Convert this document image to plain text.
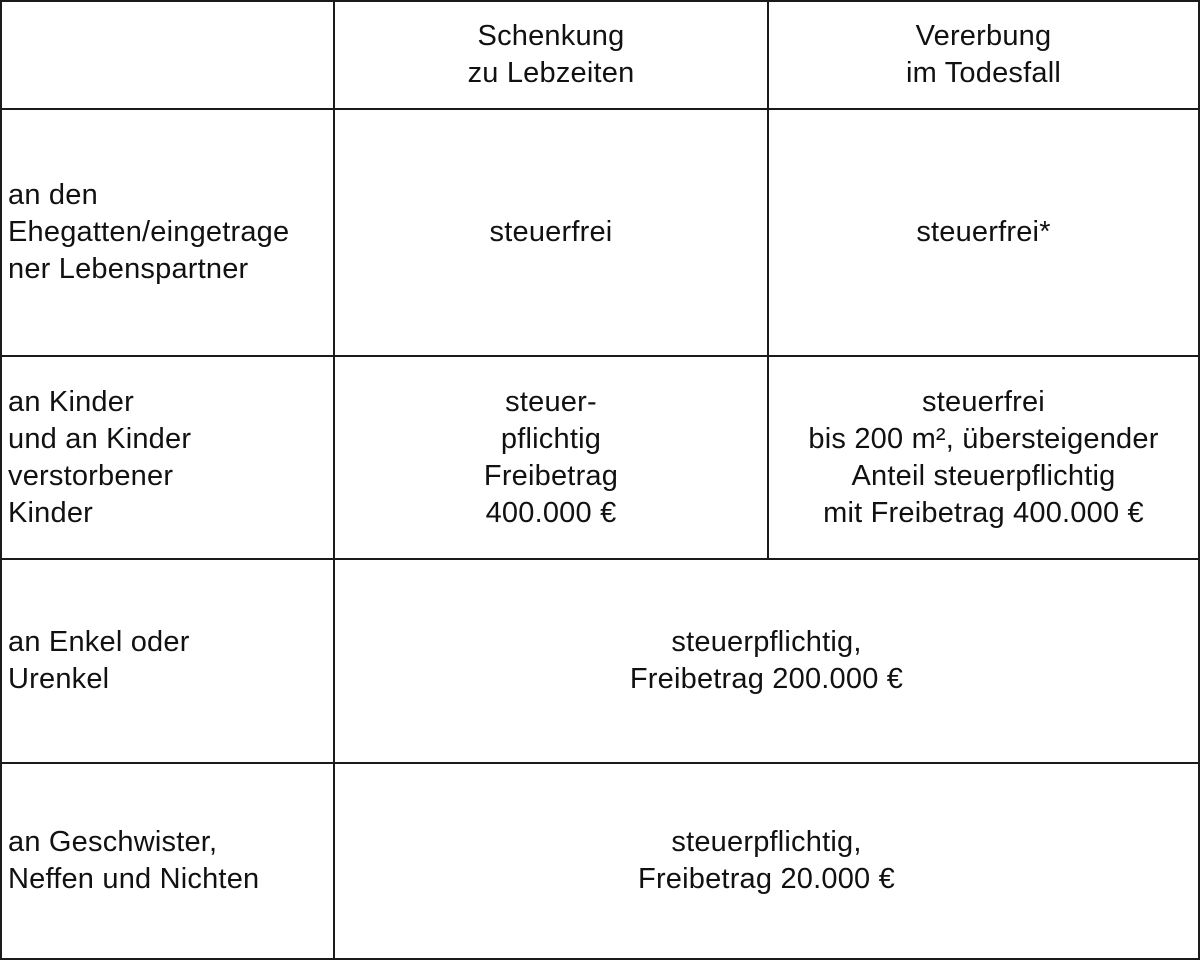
Schenkung
zu Lebzeiten
Vererbung
im Todesfall
an den
Ehegatten/eingetrage
ner Lebenspartner
steuerfrei	steuerfrei*
an Kinder
und an Kinder
verstorbener
Kinder
steuer-
pflichtig
Freibetrag
400.000 €
steuerfrei
bis 200 m², übersteigender
Anteil steuerpflichtig
mit Freibetrag 400.000 €
an Enkel oder
Urenkel
steuerpflichtig,
Freibetrag 200.000 €
an Geschwister,
Neffen und Nichten
steuerpflichtig,
Freibetrag 20.000 €
